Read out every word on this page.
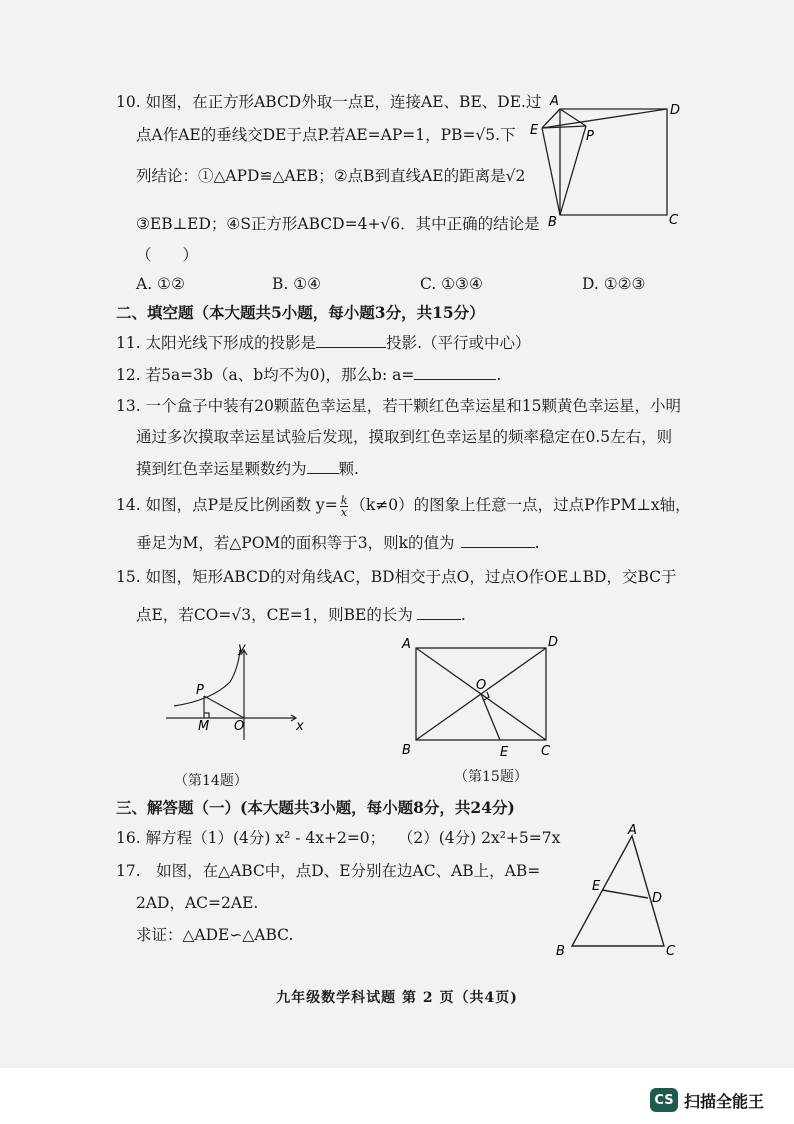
10. 如图，在正方形ABCD外取一点E，连接AE、BE、DE.过
点A作AE的垂线交DE于点P.若AE=AP=1，PB=√5.下
列结论：①△APD≌△AEB；②点B到直线AE的距离是√2
③EB⊥ED；④S正方形ABCD=4+√6．其中正确的结论是
（　　）
A. ①②	B. ①④	C. ①③④	D. ①②③
A
D
E	P
B	C
二、填空题（本大题共5小题，每小题3分，共15分）
11. 太阳光线下形成的投影是	投影.（平行或中心）
12. 若5a=3b（a、b均不为0)，那么b: a=	.
13. 一个盒子中装有20颗蓝色幸运星，若干颗红色幸运星和15颗黄色幸运星，小明
通过多次摸取幸运星试验后发现，摸取到红色幸运星的频率稳定在0.5左右，则
摸到红色幸运星颗数约为 颗.
14. 如图，点P是反比例函数 $y= \frac{k}{x} (k\ne 0)$的图象上任意一点，过点P作PM⊥x轴，
垂足为M，若△POM的面积等于3，则k的值为	.
15. 如图，矩形ABCD的对角线AC，BD相交于点O，过点O作OE⊥BD，交BC于
点E，若CO=√3，CE=1，则BE的长为	.
y
x
P
M O
（第14题）
A	D
O
B	E	C
（第15题）
三、解答题（一）(本大题共3小题，每小题8分，共24分)
16. 解方程（1）(4分) x² - 4x+2=0；　 （2）(4分) 2x²+5=7x
17.　如图，在△ABC中，点D、E分别在边AC、AB上，AB=
2AD，AC=2AE.
求证：△ADE∽△ABC.
A
E
D
B	C
九年级数学科试题 第 2 页（共4页)
CS 扫描全能王
